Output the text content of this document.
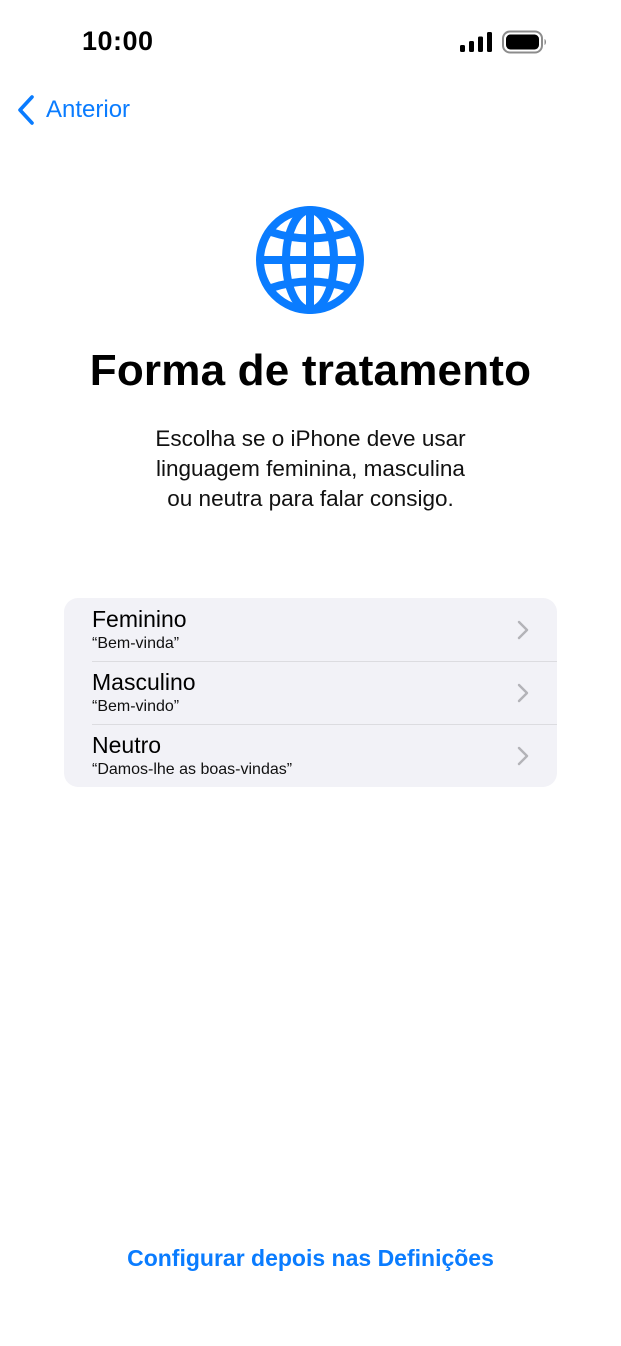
10:00
Anterior
Forma de tratamento
Escolha se o iPhone deve usar
linguagem feminina, masculina
ou neutra para falar consigo.
Feminino
“Bem-vinda”
Masculino
“Bem-vindo”
Neutro
“Damos-lhe as boas-vindas”
Configurar depois nas Definições
